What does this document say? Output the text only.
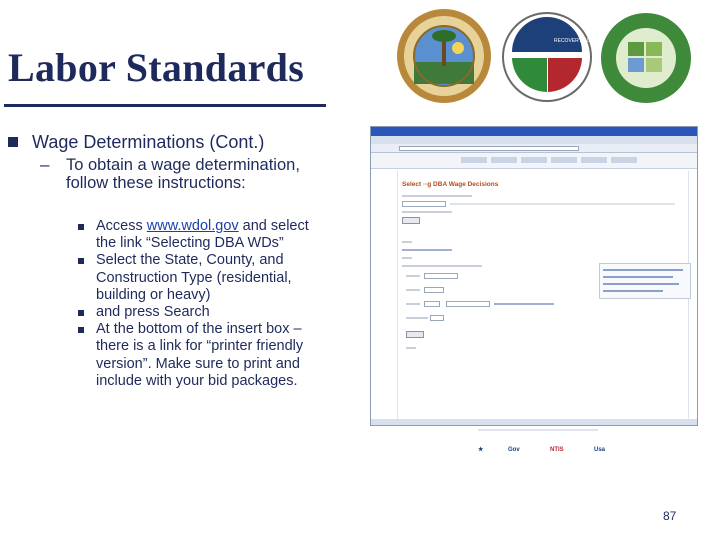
Labor Standards
RECOVERY.GOV
Wage Determinations (Cont.)
–	To obtain a wage determination, follow these instructions:
Access www.wdol.gov and select the link “Selecting DBA WDs”
Select the State, County, and Construction Type (residential, building or heavy)
and press Search
At the bottom of the insert box – there is a link for “printer friendly version”. Make sure to print and include with your bid packages.
Select ··g DBA Wage Decisions
★	Gov	NTIS	Usa
87
